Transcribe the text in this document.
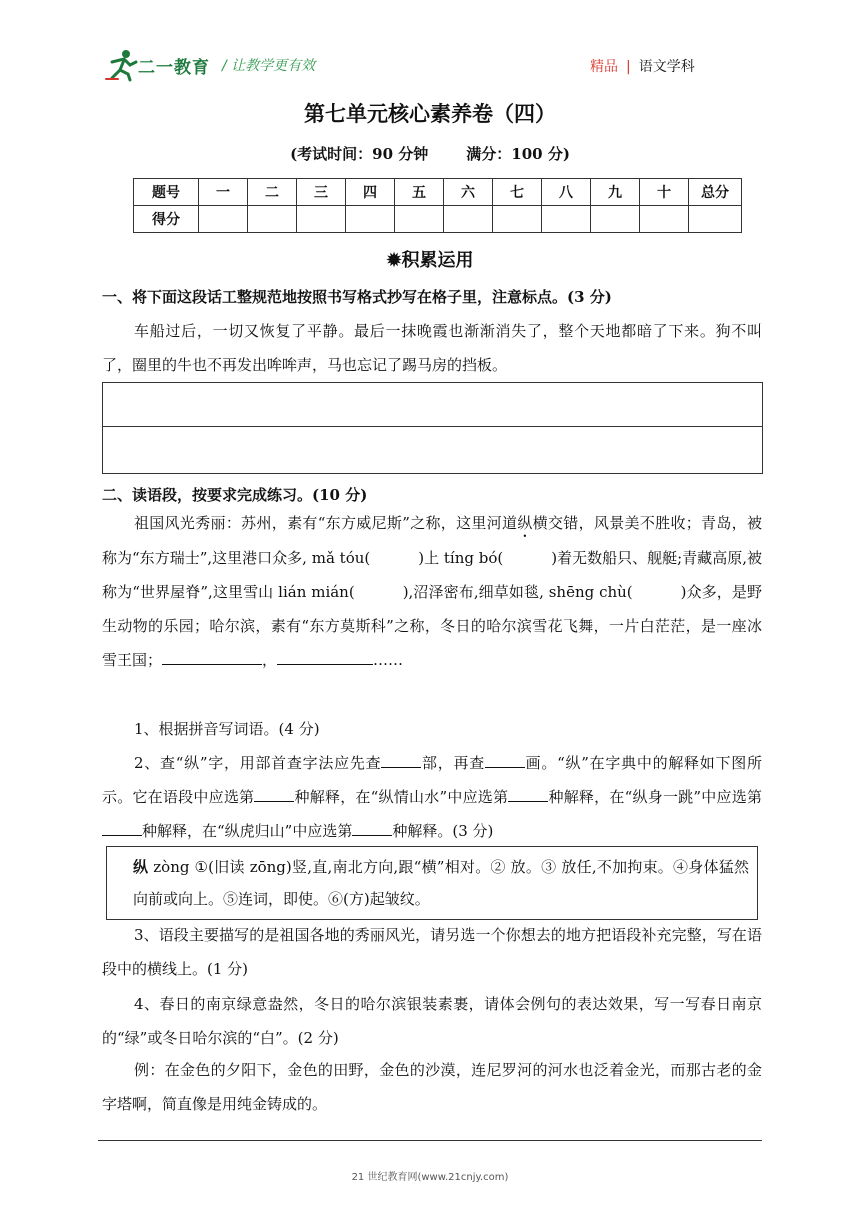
二一教育 / 让教学更有效	精品 | 语文学科
第七单元核心素养卷（四）
(考试时间：90 分钟	满分：100 分)
题号	一	二	三	四	五	六	七	八	九	十	总分
得分											
✹积累运用
一、将下面这段话工整规范地按照书写格式抄写在格子里，注意标点。(3 分)
车船过后，一切又恢复了平静。最后一抹晚霞也渐渐消失了，整个天地都暗了下来。狗不叫了，圈里的牛也不再发出哞哞声，马也忘记了踢马房的挡板。
二、读语段，按要求完成练习。(10 分)
祖国风光秀丽：苏州，素有“东方威尼斯”之称，这里河道纵横交错，风景美不胜收；青岛，被称为“东方瑞士”,这里港口众多, mǎ tóu(	)上 tíng bó(	)着无数船只、舰艇;青藏高原,被称为“世界屋脊”,这里雪山 lián mián(	),沼泽密布,细草如毯, shēng chù(	)众多，是野生动物的乐园；哈尔滨，素有“东方莫斯科”之称，冬日的哈尔滨雪花飞舞，一片白茫茫，是一座冰雪王国；	，	……
1、根据拼音写词语。(4 分)
2、查“纵”字，用部首查字法应先查	部，再查	画。“纵”在字典中的解释如下图所示。它在语段中应选第	种解释，在“纵情山水”中应选第	种解释，在“纵身一跳”中应选第种解释，在“纵虎归山”中应选第	种解释。(3 分)
纵 zòng ①(旧读 zōng)竖,直,南北方向,跟“横”相对。② 放。③ 放任,不加拘束。④身体猛然向前或向上。⑤连词，即使。⑥(方)起皱纹。
3、语段主要描写的是祖国各地的秀丽风光，请另选一个你想去的地方把语段补充完整，写在语段中的横线上。(1 分)
4、春日的南京绿意盎然，冬日的哈尔滨银装素裹，请体会例句的表达效果，写一写春日南京的“绿”或冬日哈尔滨的“白”。(2 分)
例：在金色的夕阳下，金色的田野，金色的沙漠，连尼罗河的河水也泛着金光，而那古老的金字塔啊，简直像是用纯金铸成的。
21 世纪教育网(www.21cnjy.com)
